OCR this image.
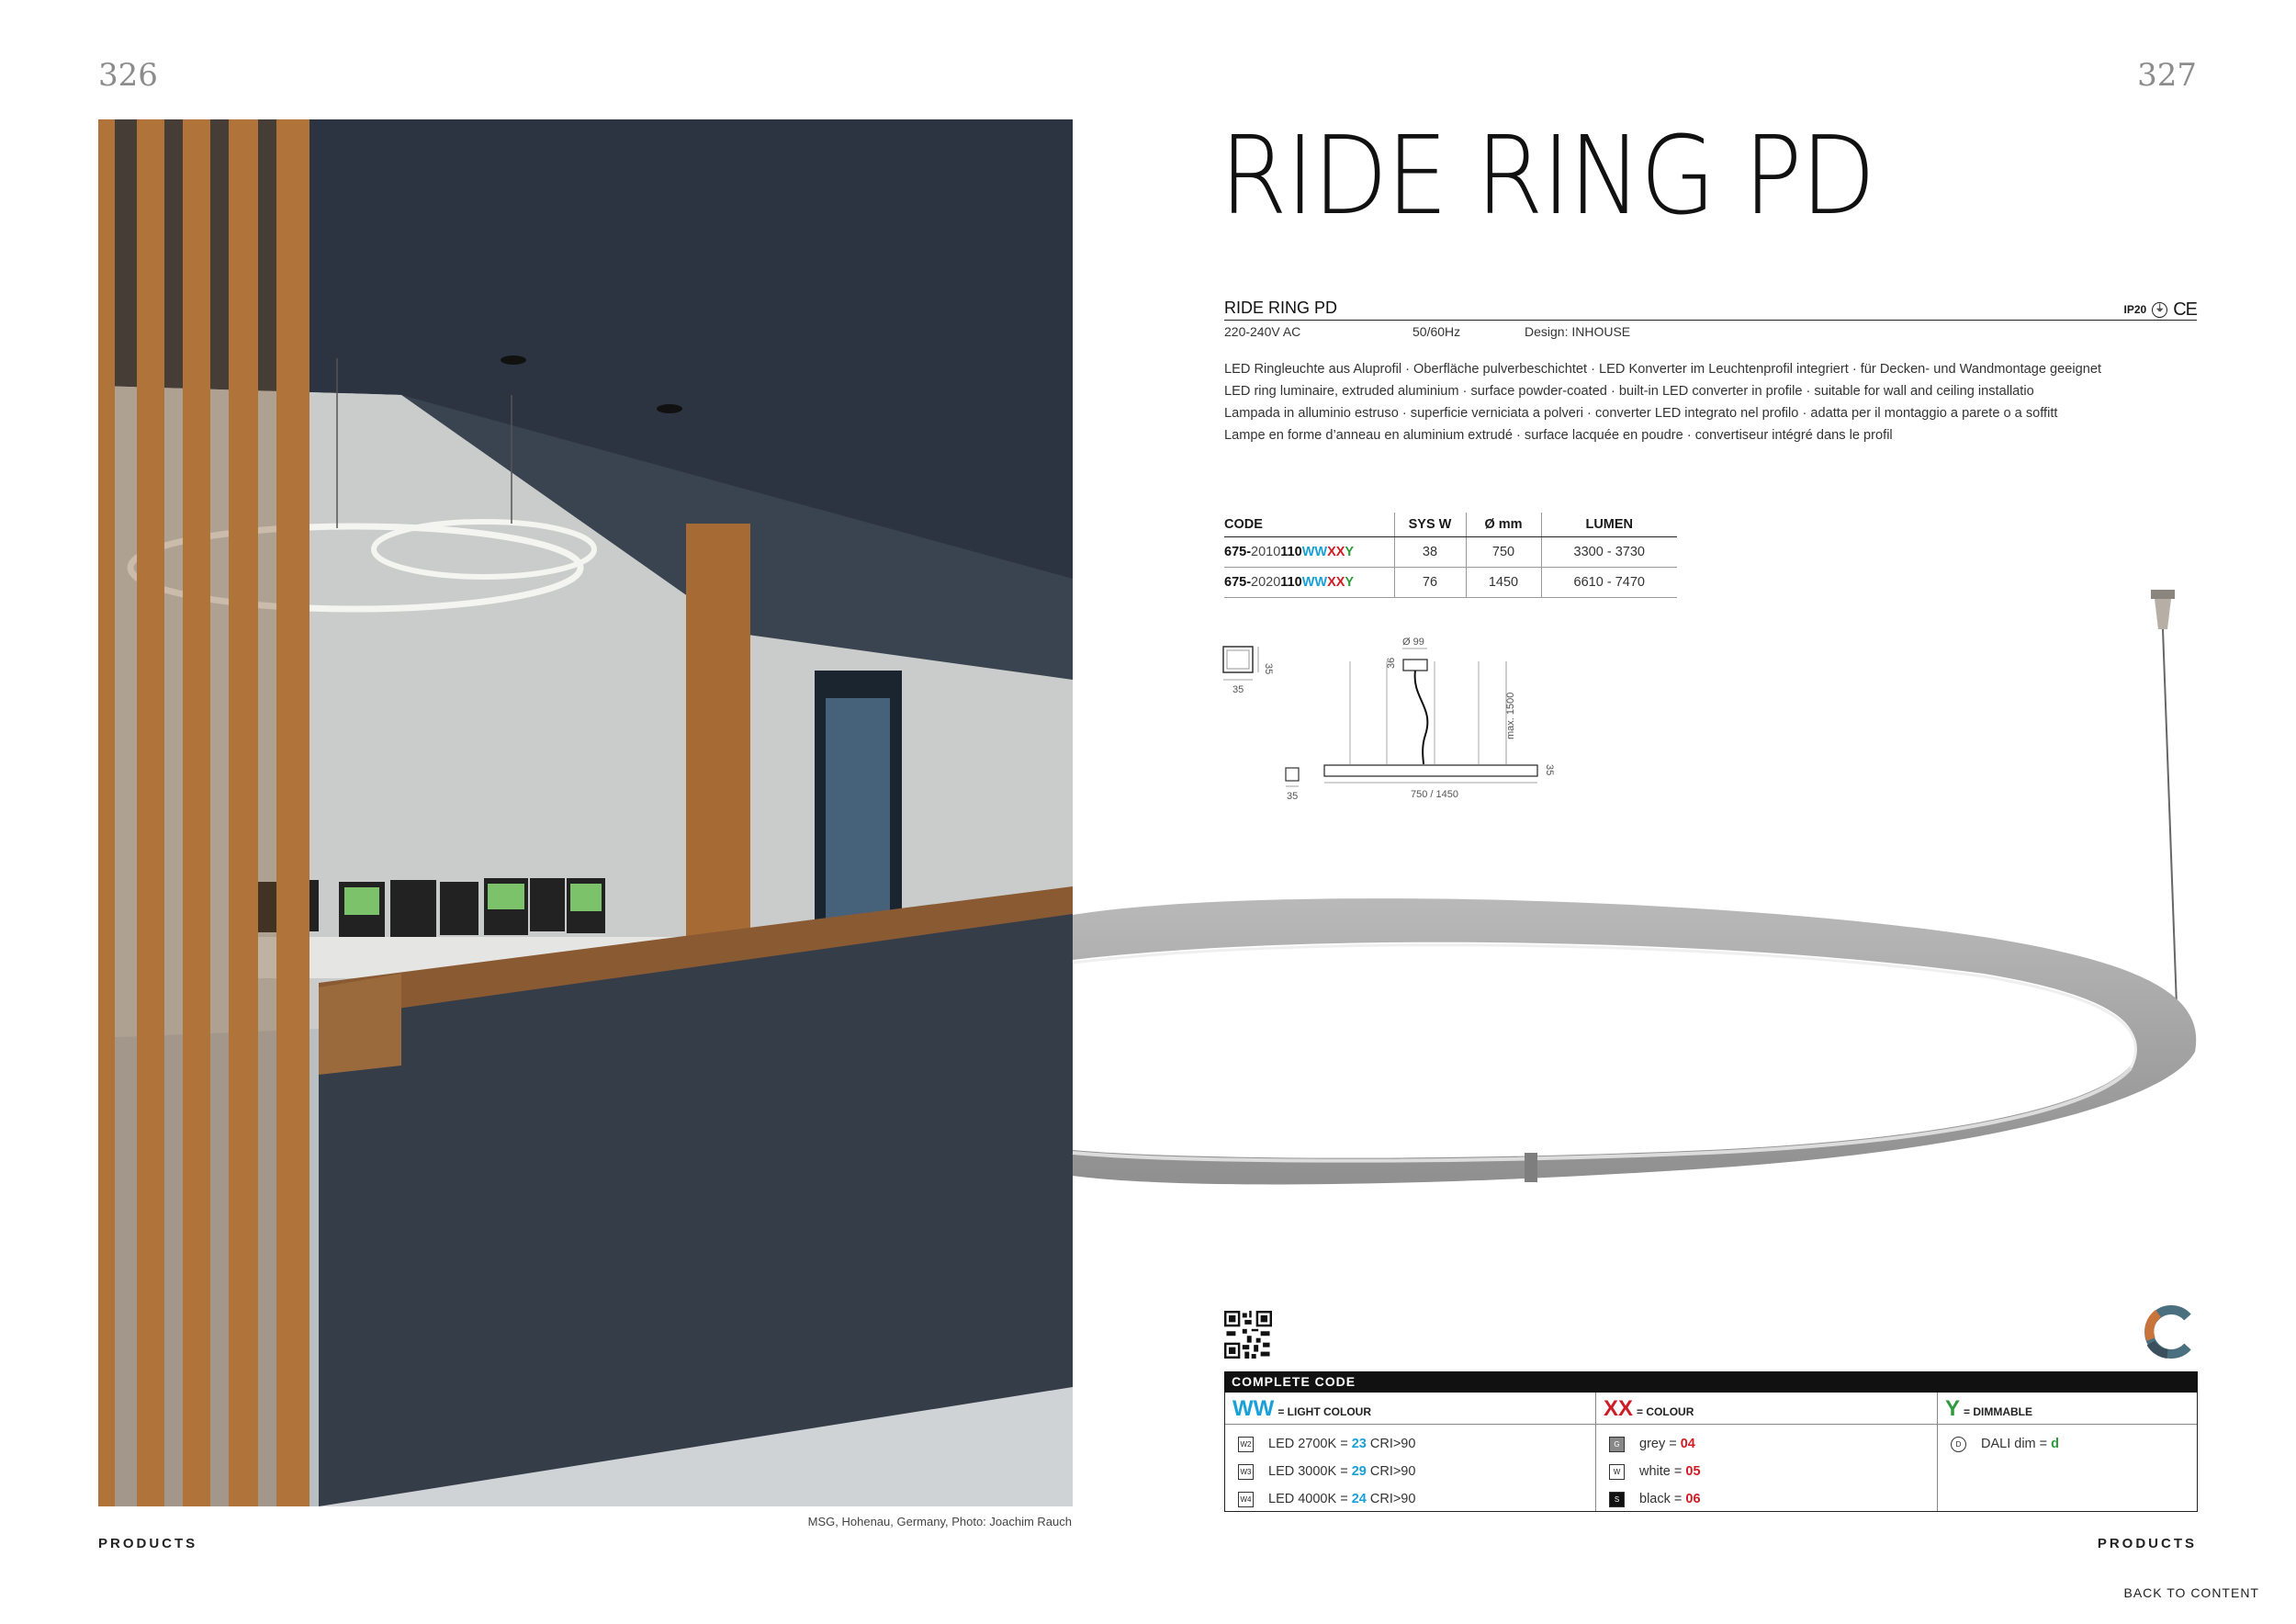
326	327
MSG, Hohenau, Germany, Photo: Joachim Rauch
RIDE RING PD
RIDE RING PD	IP20 ⏚ CE
220-240V AC	50/60Hz	Design: INHOUSE
LED Ringleuchte aus Aluprofil · Oberfläche pulverbeschichtet · LED Konverter im Leuchtenprofil integriert · für Decken- und Wandmontage geeignet
LED ring luminaire, extruded aluminium · surface powder-coated · built-in LED converter in profile · suitable for wall and ceiling installatio
Lampada in alluminio estruso · superficie verniciata a polveri · converter LED integrato nel profilo · adatta per il montaggio a parete o a soffitt
Lampe en forme d’anneau en aluminium extrudé · surface lacquée en poudre · convertiseur intégré dans le profil
CODE	SYS W	Ø mm	LUMEN
675-2010110WWXXY	38	750	3300 - 3730
675-2020110WWXXY	76	1450	6610 - 7470
35
35
Ø 99
36
max. 1500
750 / 1450
35
35
COMPLETE CODE
WW = LIGHT COLOUR
W2 LED 2700K = 23 CRI>90
W3 LED 3000K = 29 CRI>90
W4 LED 4000K = 24 CRI>90
XX = COLOUR
G	grey = 04
W	white = 05
S	black = 06
Y = DIMMABLE
D	DALI dim = d
PRODUCTS	PRODUCTS
BACK TO CONTENT
